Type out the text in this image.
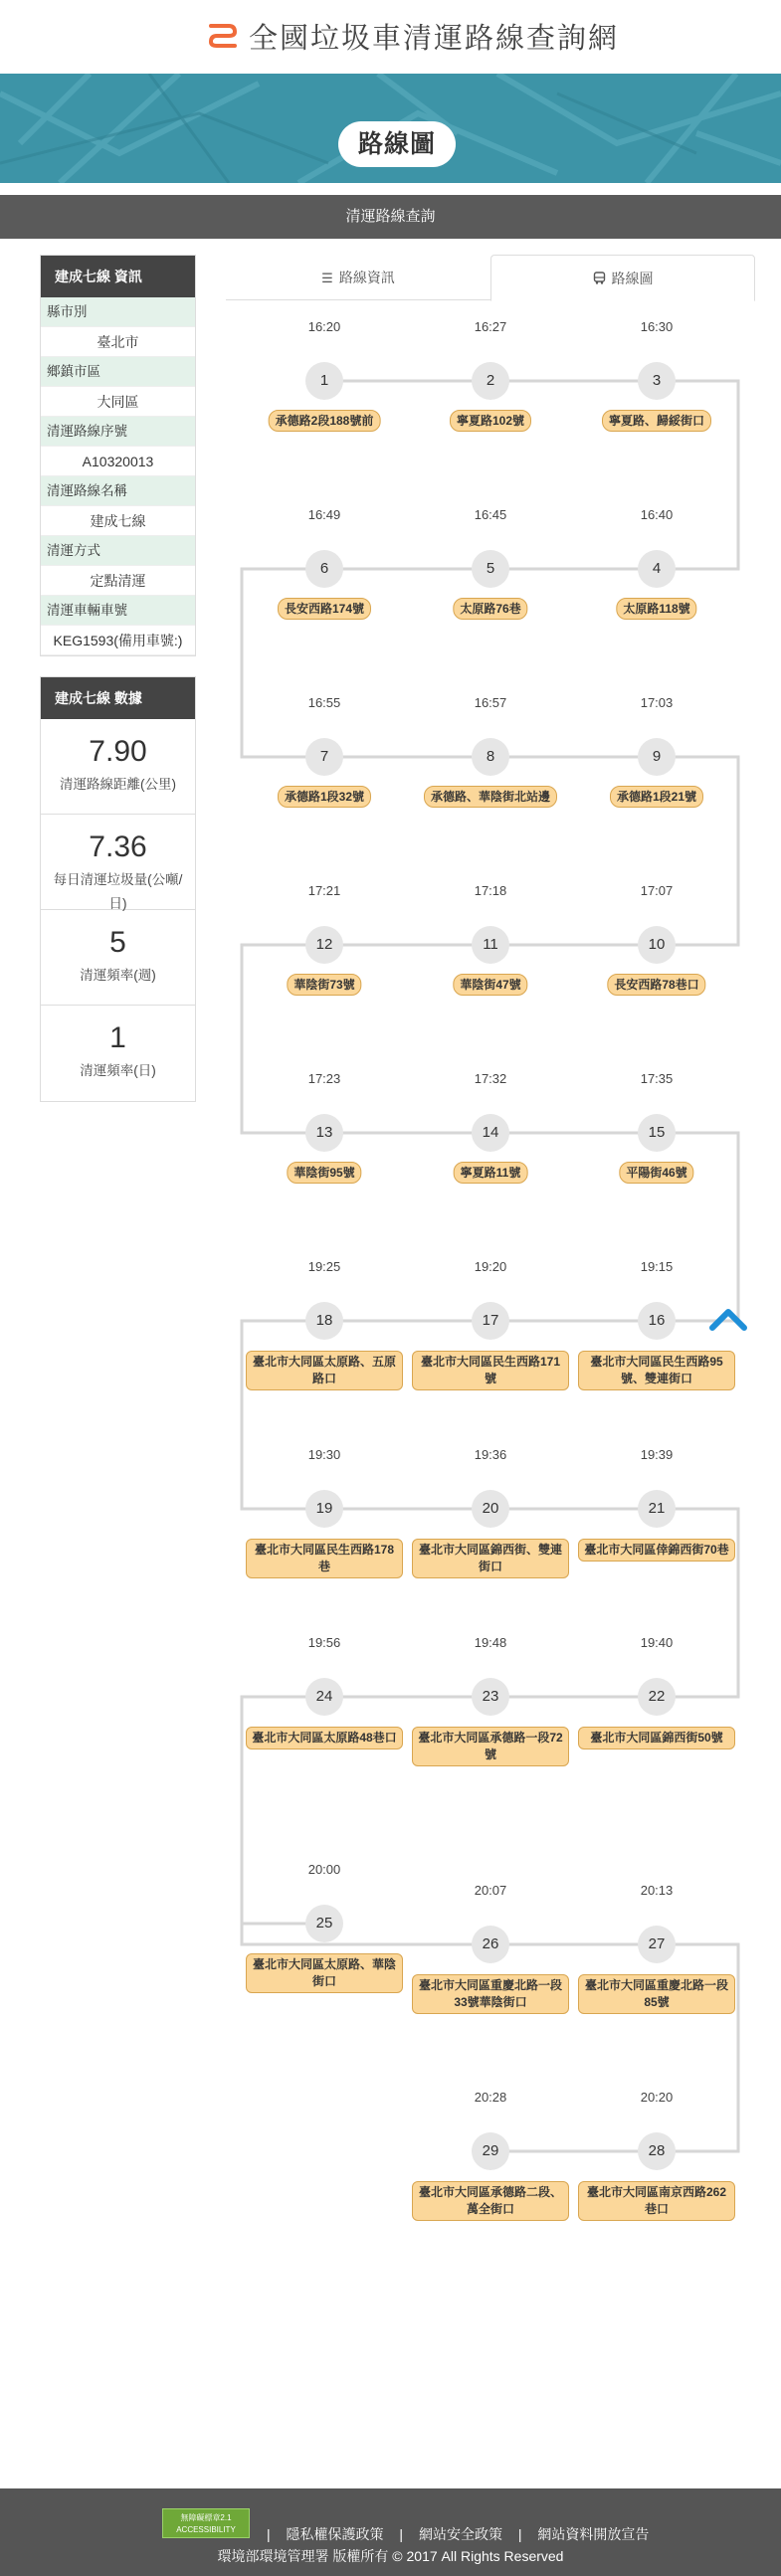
全國垃圾車清運路線查詢網
路線圖
清運路線查詢
建成七線 資訊
縣市別
臺北市
鄉鎮市區
大同區
清運路線序號
A10320013
清運路線名稱
建成七線
清運方式
定點清運
清運車輛車號
KEG1593(備用車號:)
建成七線 數據
7.90
清運路線距離(公里)
7.36
每日清運垃圾量(公噸/日)
5
清運頻率(週)
1
清運頻率(日)
☰ 路線資訊	路線圖
16:20
1
承德路2段188號前
16:27
2
寧夏路102號
16:30
3
寧夏路、歸綏街口
16:40
4
太原路118號
16:45
5
太原路76巷
16:49
6
長安西路174號
16:55
7
承德路1段32號
16:57
8
承德路、華陰街北站邊
17:03
9
承德路1段21號
17:07
10
長安西路78巷口
17:18
11
華陰街47號
17:21
12
華陰街73號
17:23
13
華陰街95號
17:32
14
寧夏路11號
17:35
15
平陽街46號
19:15
16
臺北市大同區民生西路95號、雙連街口
19:20
17
臺北市大同區民生西路171號
19:25
18
臺北市大同區太原路、五原路口
19:30
19
臺北市大同區民生西路178巷
19:36
20
臺北市大同區錦西街、雙連街口
19:39
21
臺北市大同區倖錦西街70巷
19:40
22
臺北市大同區錦西街50號
19:48
23
臺北市大同區承德路一段72號
19:56
24
臺北市大同區太原路48巷口
20:00
25
臺北市大同區太原路、華陰街口
20:07
26
臺北市大同區重慶北路一段33號華陰街口
20:13
27
臺北市大同區重慶北路一段85號
20:20
28
臺北市大同區南京西路262巷口
20:28
29
臺北市大同區承德路二段、萬全街口
無障礙標章2.1 ACCESSIBILITY	| 隱私權保護政策 | 網站安全政策 | 網站資料開放宣告
環境部環境管理署 版權所有 © 2017 All Rights Reserved
